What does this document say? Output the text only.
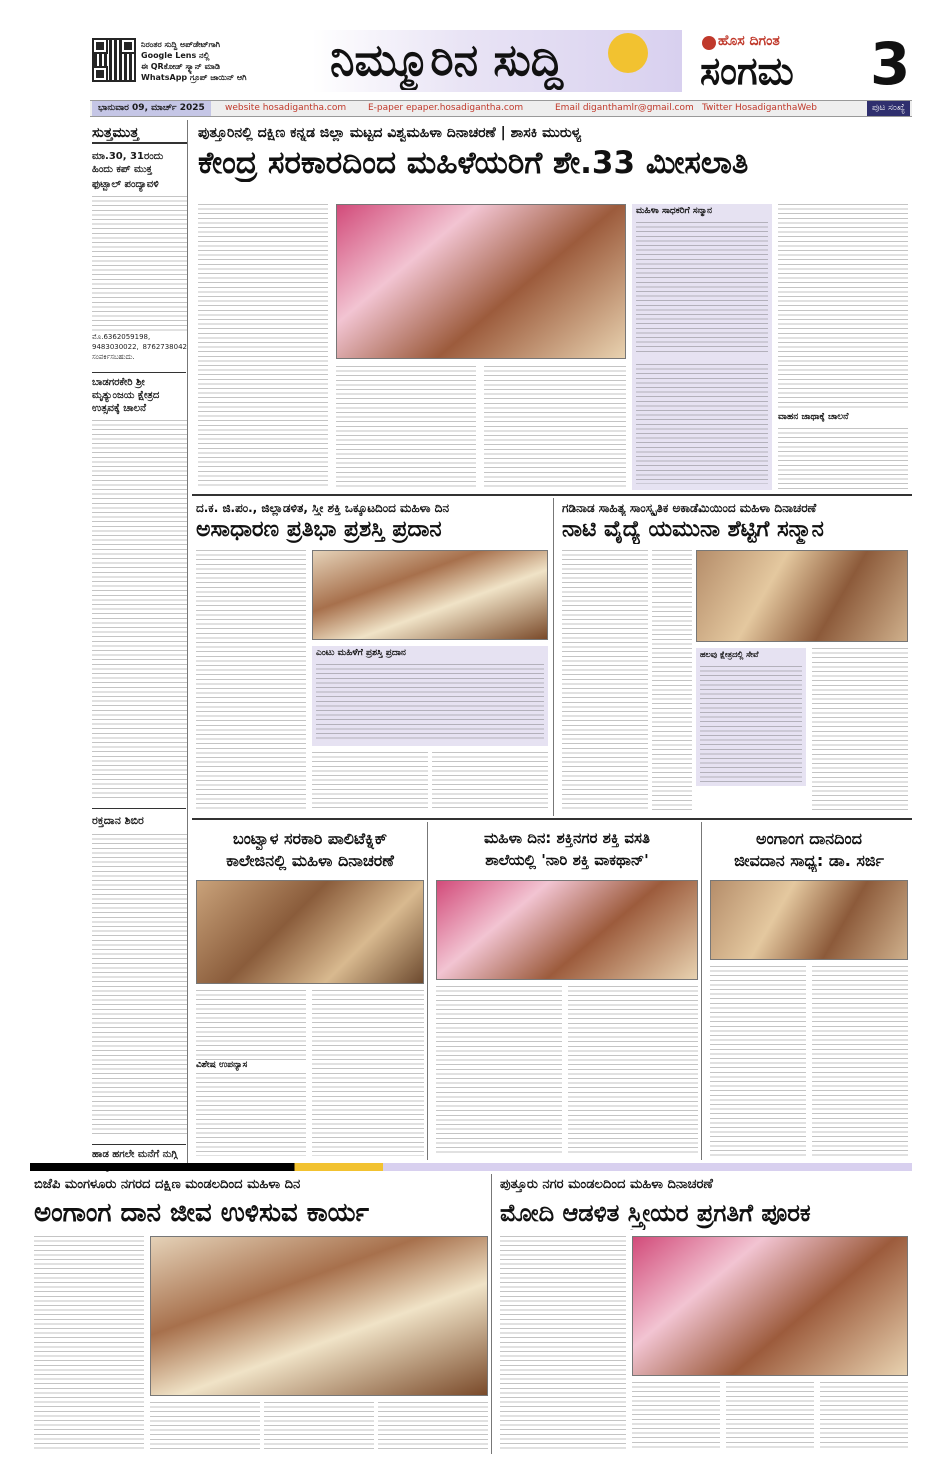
ನಿರಂತರ ಸುದ್ದಿ ಅಪ್‌ಡೇಟ್‌ಗಾಗಿ
Google Lens ನಲ್ಲಿ
ಈ QRಕೋಡ್ ಸ್ಕ್ಯಾನ್ ಮಾಡಿ
WhatsApp ಗ್ರೂಪ್ ಜಾಯಿನ್ ಆಗಿ	ನಿಮ್ಮೂರಿನ ಸುದ್ದಿ	ಹೊಸ ದಿಗಂತ
ಸಂಗಮ 3
ಭಾನುವಾರ 09, ಮಾರ್ಚ್ 2025	website hosadigantha.com E-paper epaper.hosadigantha.com	Email diganthamlr@gmail.com Twitter HosadiganthaWeb	ಪುಟ ಸಂಖ್ಯೆ
ಸುತ್ತಮುತ್ತ
ಮಾ.30, 31ರಂದು ಹಿಂದು ಕಪ್ ಮುಕ್ತ
ಫುಟ್ಬಾಲ್ ಪಂದ್ಯಾವಳಿ
ಮೊ.6362059198, 9483030022, 8762738042 ಸಂಪರ್ಕಿಸಬಹುದು.
ಬಾಡಗರಕೇರಿ ಶ್ರೀ ಮೃತ್ಯುಂಜಯ ಕ್ಷೇತ್ರದ ಉತ್ಸವಕ್ಕೆ ಚಾಲನೆ
ರಕ್ತದಾನ ಶಿಬಿರ
ಹಾಡ ಹಗಲೇ ಮನೆಗೆ ನುಗ್ಗಿ
ಪುತ್ತೂರಿನಲ್ಲಿ ದಕ್ಷಿಣ ಕನ್ನಡ ಜಿಲ್ಲಾ ಮಟ್ಟದ ವಿಶ್ವಮಹಿಳಾ ದಿನಾಚರಣೆ | ಶಾಸಕಿ ಮುರುಳ್ಯ
ಕೇಂದ್ರ ಸರಕಾರದಿಂದ ಮಹಿಳೆಯರಿಗೆ ಶೇ.33 ಮೀಸಲಾತಿ
ಮಹಿಳಾ ಸಾಧಕರಿಗೆ ಸನ್ಮಾನ
ವಾಹನ ಜಾಥಾಕ್ಕೆ ಚಾಲನೆ
ದ.ಕ. ಜಿ.ಪಂ., ಜಿಲ್ಲಾಡಳಿತ, ಸ್ತ್ರೀ ಶಕ್ತಿ ಒಕ್ಕೂಟದಿಂದ ಮಹಿಳಾ ದಿನ
ಅಸಾಧಾರಣ ಪ್ರತಿಭಾ ಪ್ರಶಸ್ತಿ ಪ್ರದಾನ
ಎಂಟು ಮಹಿಳೆಗೆ ಪ್ರಶಸ್ತಿ ಪ್ರದಾನ
ಗಡಿನಾಡ ಸಾಹಿತ್ಯ ಸಾಂಸ್ಕೃತಿಕ ಅಕಾಡೆಮಿಯಿಂದ ಮಹಿಳಾ ದಿನಾಚರಣೆ
ನಾಟಿ ವೈದ್ಯೆ ಯಮುನಾ ಶೆಟ್ಟಿಗೆ ಸನ್ಮಾನ
ಹಲವು ಕ್ಷೇತ್ರದಲ್ಲಿ ಸೇವೆ
ಬಂಟ್ವಾಳ ಸರಕಾರಿ ಪಾಲಿಟೆಕ್ನಿಕ್
ಕಾಲೇಜಿನಲ್ಲಿ ಮಹಿಳಾ ದಿನಾಚರಣೆ
ವಿಶೇಷ ಉಪನ್ಯಾಸ
ಮಹಿಳಾ ದಿನ: ಶಕ್ತಿನಗರ ಶಕ್ತಿ ವಸತಿ
ಶಾಲೆಯಲ್ಲಿ 'ನಾರಿ ಶಕ್ತಿ ವಾಕಥಾನ್'
ಅಂಗಾಂಗ ದಾನದಿಂದ
ಜೀವದಾನ ಸಾಧ್ಯ: ಡಾ. ಸರ್ಜಿ
ಬಿಜೆಪಿ ಮಂಗಳೂರು ನಗರದ ದಕ್ಷಿಣ ಮಂಡಲದಿಂದ ಮಹಿಳಾ ದಿನ
ಅಂಗಾಂಗ ದಾನ ಜೀವ ಉಳಿಸುವ ಕಾರ್ಯ
ಪುತ್ತೂರು ನಗರ ಮಂಡಲದಿಂದ ಮಹಿಳಾ ದಿನಾಚರಣೆ
ಮೋದಿ ಆಡಳಿತ ಸ್ತ್ರೀಯರ ಪ್ರಗತಿಗೆ ಪೂರಕ
